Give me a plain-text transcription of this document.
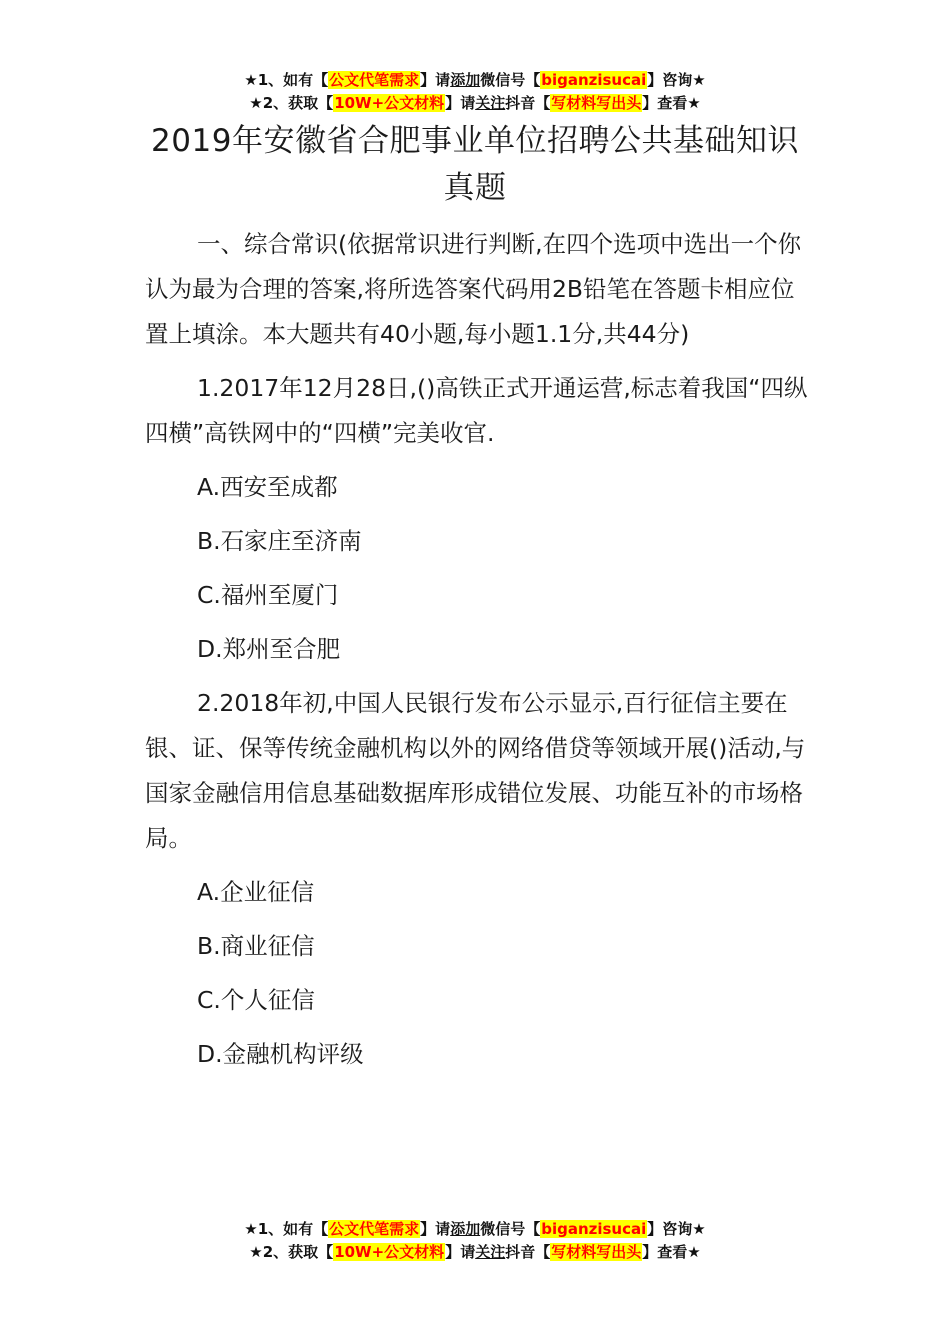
★1、如有【公文代笔需求】请添加微信号【biganzisucai】咨询★
★2、获取【10W+公文材料】请关注抖音【写材料写出头】查看★
2019年安徽省合肥事业单位招聘公共基础知识真题

一、综合常识(依据常识进行判断,在四个选项中选出一个你认为最为合理的答案,将所选答案代码用2B铅笔在答题卡相应位置上填涂。本大题共有40小题,每小题1.1分,共44分)

1.2017年12月28日,()高铁正式开通运营,标志着我国“四纵四横”高铁网中的“四横”完美收官.

A.西安至成都

B.石家庄至济南

C.福州至厦门

D.郑州至合肥

2.2018年初,中国人民银行发布公示显示,百行征信主要在银、证、保等传统金融机构以外的网络借贷等领域开展()活动,与国家金融信用信息基础数据库形成错位发展、功能互补的市场格局。

A.企业征信

B.商业征信

C.个人征信

D.金融机构评级

★1、如有【公文代笔需求】请添加微信号【biganzisucai】咨询★
★2、获取【10W+公文材料】请关注抖音【写材料写出头】查看★
